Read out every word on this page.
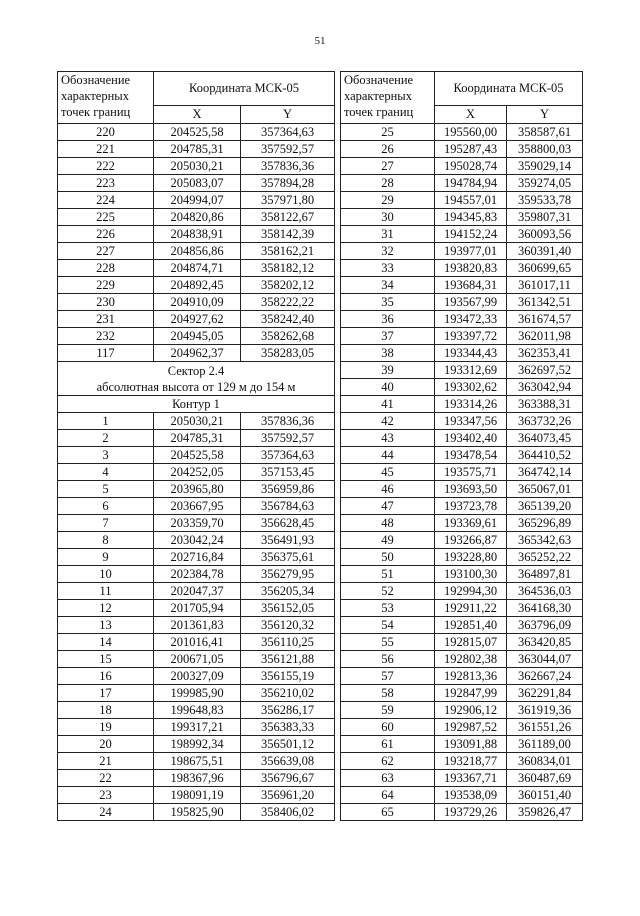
51
Обозначение характерных точек границ	Координата МСК-05	
	X	Y
220	204525,58	357364,63
221	204785,31	357592,57
222	205030,21	357836,36
223	205083,07	357894,28
224	204994,07	357971,80
225	204820,86	358122,67
226	204838,91	358142,39
227	204856,86	358162,21
228	204874,71	358182,12
229	204892,45	358202,12
230	204910,09	358222,22
231	204927,62	358242,40
232	204945,05	358262,68
117	204962,37	358283,05
Сектор 2.4
абсолютная высота от 129 м до 154 м		
Контур 1		
1	205030,21	357836,36
2	204785,31	357592,57
3	204525,58	357364,63
4	204252,05	357153,45
5	203965,80	356959,86
6	203667,95	356784,63
7	203359,70	356628,45
8	203042,24	356491,93
9	202716,84	356375,61
10	202384,78	356279,95
11	202047,37	356205,34
12	201705,94	356152,05
13	201361,83	356120,32
14	201016,41	356110,25
15	200671,05	356121,88
16	200327,09	356155,19
17	199985,90	356210,02
18	199648,83	356286,17
19	199317,21	356383,33
20	198992,34	356501,12
21	198675,51	356639,08
22	198367,96	356796,67
23	198091,19	356961,20
24	195825,90	358406,02
Обозначение характерных точек границ	Координата МСК-05	
	X	Y
25	195560,00	358587,61
26	195287,43	358800,03
27	195028,74	359029,14
28	194784,94	359274,05
29	194557,01	359533,78
30	194345,83	359807,31
31	194152,24	360093,56
32	193977,01	360391,40
33	193820,83	360699,65
34	193684,31	361017,11
35	193567,99	361342,51
36	193472,33	361674,57
37	193397,72	362011,98
38	193344,43	362353,41
39	193312,69	362697,52
40	193302,62	363042,94
41	193314,26	363388,31
42	193347,56	363732,26
43	193402,40	364073,45
44	193478,54	364410,52
45	193575,71	364742,14
46	193693,50	365067,01
47	193723,78	365139,20
48	193369,61	365296,89
49	193266,87	365342,63
50	193228,80	365252,22
51	193100,30	364897,81
52	192994,30	364536,03
53	192911,22	364168,30
54	192851,40	363796,09
55	192815,07	363420,85
56	192802,38	363044,07
57	192813,36	362667,24
58	192847,99	362291,84
59	192906,12	361919,36
60	192987,52	361551,26
61	193091,88	361189,00
62	193218,77	360834,01
63	193367,71	360487,69
64	193538,09	360151,40
65	193729,26	359826,47
